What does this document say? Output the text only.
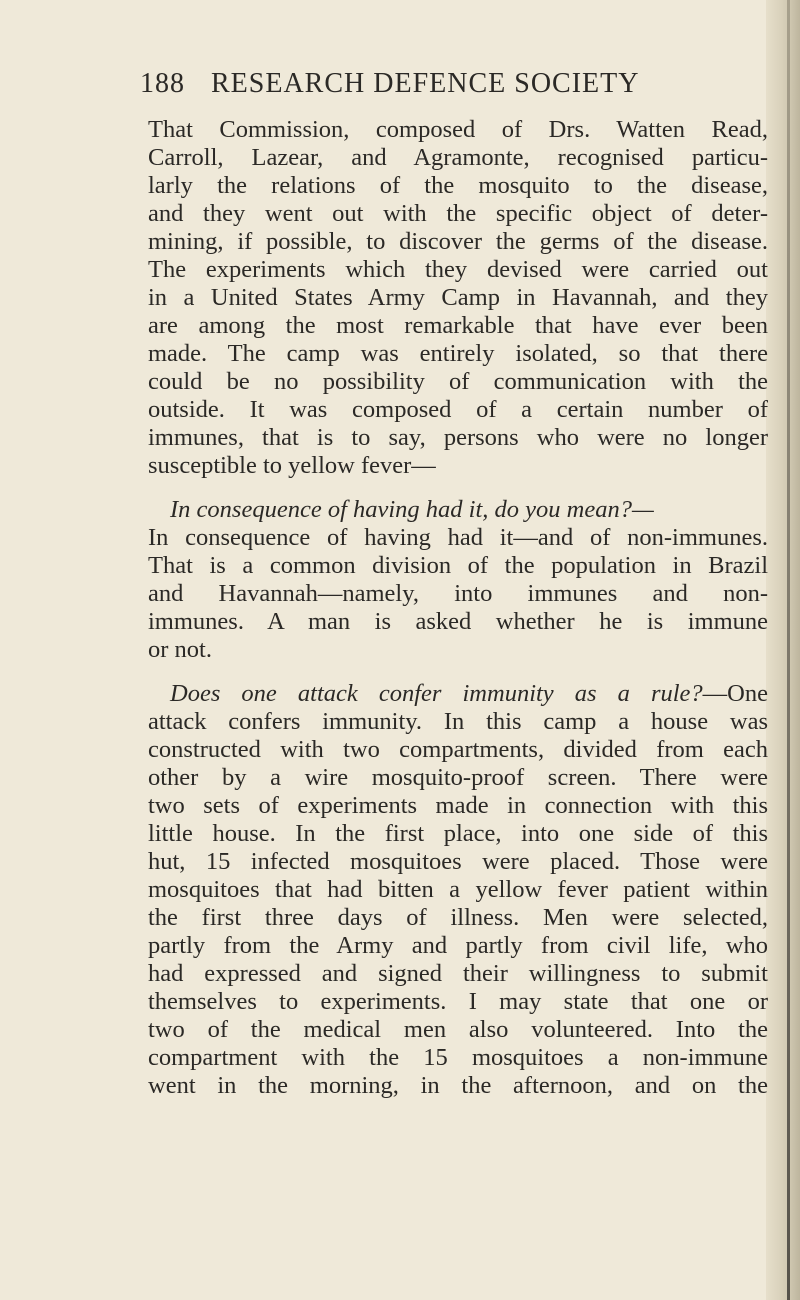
188 RESEARCH DEFENCE SOCIETY
That Commission, composed of Drs. Watten Read,
Carroll, Lazear, and Agramonte, recognised particu-
larly the relations of the mosquito to the disease,
and they went out with the specific object of deter-
mining, if possible, to discover the germs of the disease.
The experiments which they devised were carried out
in a United States Army Camp in Havannah, and they
are among the most remarkable that have ever been
made. The camp was entirely isolated, so that there
could be no possibility of communication with the
outside. It was composed of a certain number of
immunes, that is to say, persons who were no longer
susceptible to yellow fever—
In consequence of having had it, do you mean?—
In consequence of having had it—and of non-immunes.
That is a common division of the population in Brazil
and Havannah—namely, into immunes and non-
immunes. A man is asked whether he is immune
or not.
Does one attack confer immunity as a rule?—One
attack confers immunity. In this camp a house was
constructed with two compartments, divided from each
other by a wire mosquito-proof screen. There were
two sets of experiments made in connection with this
little house. In the first place, into one side of this
hut, 15 infected mosquitoes were placed. Those were
mosquitoes that had bitten a yellow fever patient within
the first three days of illness. Men were selected,
partly from the Army and partly from civil life, who
had expressed and signed their willingness to submit
themselves to experiments. I may state that one or
two of the medical men also volunteered. Into the
compartment with the 15 mosquitoes a non-immune
went in the morning, in the afternoon, and on the
